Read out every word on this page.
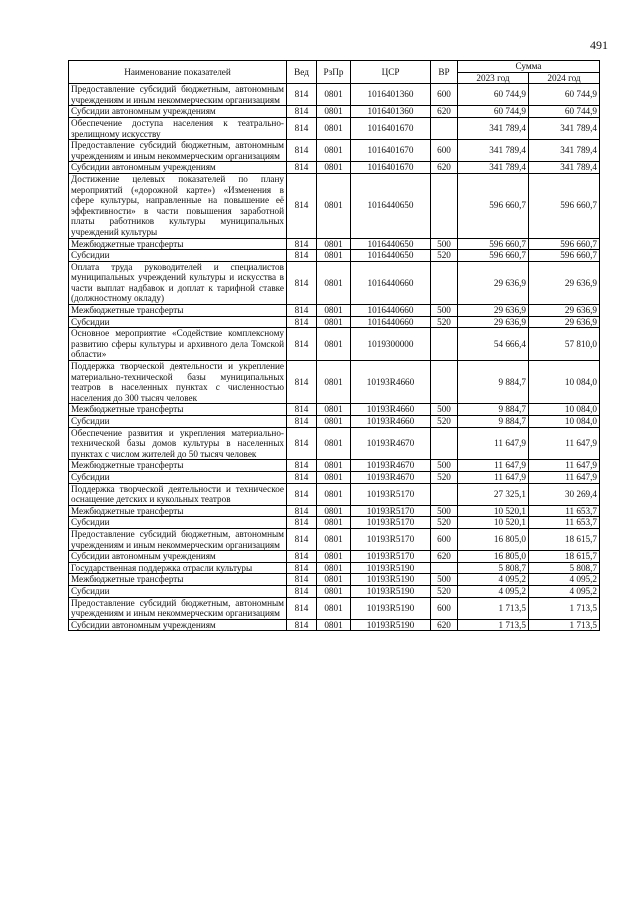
491
Наименование показателей	Вед	РзПр	ЦСР	ВР	Сумма	
					2023 год	2024 год
Предоставление субсидий бюджетным, автономным учреждениям и иным некоммерческим организациям	814	0801	1016401360	600	60 744,9	60 744,9
Субсидии автономным учреждениям	814	0801	1016401360	620	60 744,9	60 744,9
Обеспечение доступа населения к театрально-зрелищному искусству	814	0801	1016401670		341 789,4	341 789,4
Предоставление субсидий бюджетным, автономным учреждениям и иным некоммерческим организациям	814	0801	1016401670	600	341 789,4	341 789,4
Субсидии автономным учреждениям	814	0801	1016401670	620	341 789,4	341 789,4
Достижение целевых показателей по плану мероприятий («дорожной карте») «Изменения в сфере культуры, направленные на повышение её эффективности» в части повышения заработной платы работников культуры муниципальных учреждений культуры	814	0801	1016440650		596 660,7	596 660,7
Межбюджетные трансферты	814	0801	1016440650	500	596 660,7	596 660,7
Субсидии	814	0801	1016440650	520	596 660,7	596 660,7
Оплата труда руководителей и специалистов муниципальных учреждений культуры и искусства в части выплат надбавок и доплат к тарифной ставке (должностному окладу)	814	0801	1016440660		29 636,9	29 636,9
Межбюджетные трансферты	814	0801	1016440660	500	29 636,9	29 636,9
Субсидии	814	0801	1016440660	520	29 636,9	29 636,9
Основное мероприятие «Содействие комплексному развитию сферы культуры и архивного дела Томской области»	814	0801	1019300000		54 666,4	57 810,0
Поддержка творческой деятельности и укрепление материально-технической базы муниципальных театров в населенных пунктах с численностью населения до 300 тысяч человек	814	0801	10193R4660		9 884,7	10 084,0
Межбюджетные трансферты	814	0801	10193R4660	500	9 884,7	10 084,0
Субсидии	814	0801	10193R4660	520	9 884,7	10 084,0
Обеспечение развития и укрепления материально-технической базы домов культуры в населенных пунктах с числом жителей до 50 тысяч человек	814	0801	10193R4670		11 647,9	11 647,9
Межбюджетные трансферты	814	0801	10193R4670	500	11 647,9	11 647,9
Субсидии	814	0801	10193R4670	520	11 647,9	11 647,9
Поддержка творческой деятельности и техническое оснащение детских и кукольных театров	814	0801	10193R5170		27 325,1	30 269,4
Межбюджетные трансферты	814	0801	10193R5170	500	10 520,1	11 653,7
Субсидии	814	0801	10193R5170	520	10 520,1	11 653,7
Предоставление субсидий бюджетным, автономным учреждениям и иным некоммерческим организациям	814	0801	10193R5170	600	16 805,0	18 615,7
Субсидии автономным учреждениям	814	0801	10193R5170	620	16 805,0	18 615,7
Государственная поддержка отрасли культуры	814	0801	10193R5190		5 808,7	5 808,7
Межбюджетные трансферты	814	0801	10193R5190	500	4 095,2	4 095,2
Субсидии	814	0801	10193R5190	520	4 095,2	4 095,2
Предоставление субсидий бюджетным, автономным учреждениям и иным некоммерческим организациям	814	0801	10193R5190	600	1 713,5	1 713,5
Субсидии автономным учреждениям	814	0801	10193R5190	620	1 713,5	1 713,5
